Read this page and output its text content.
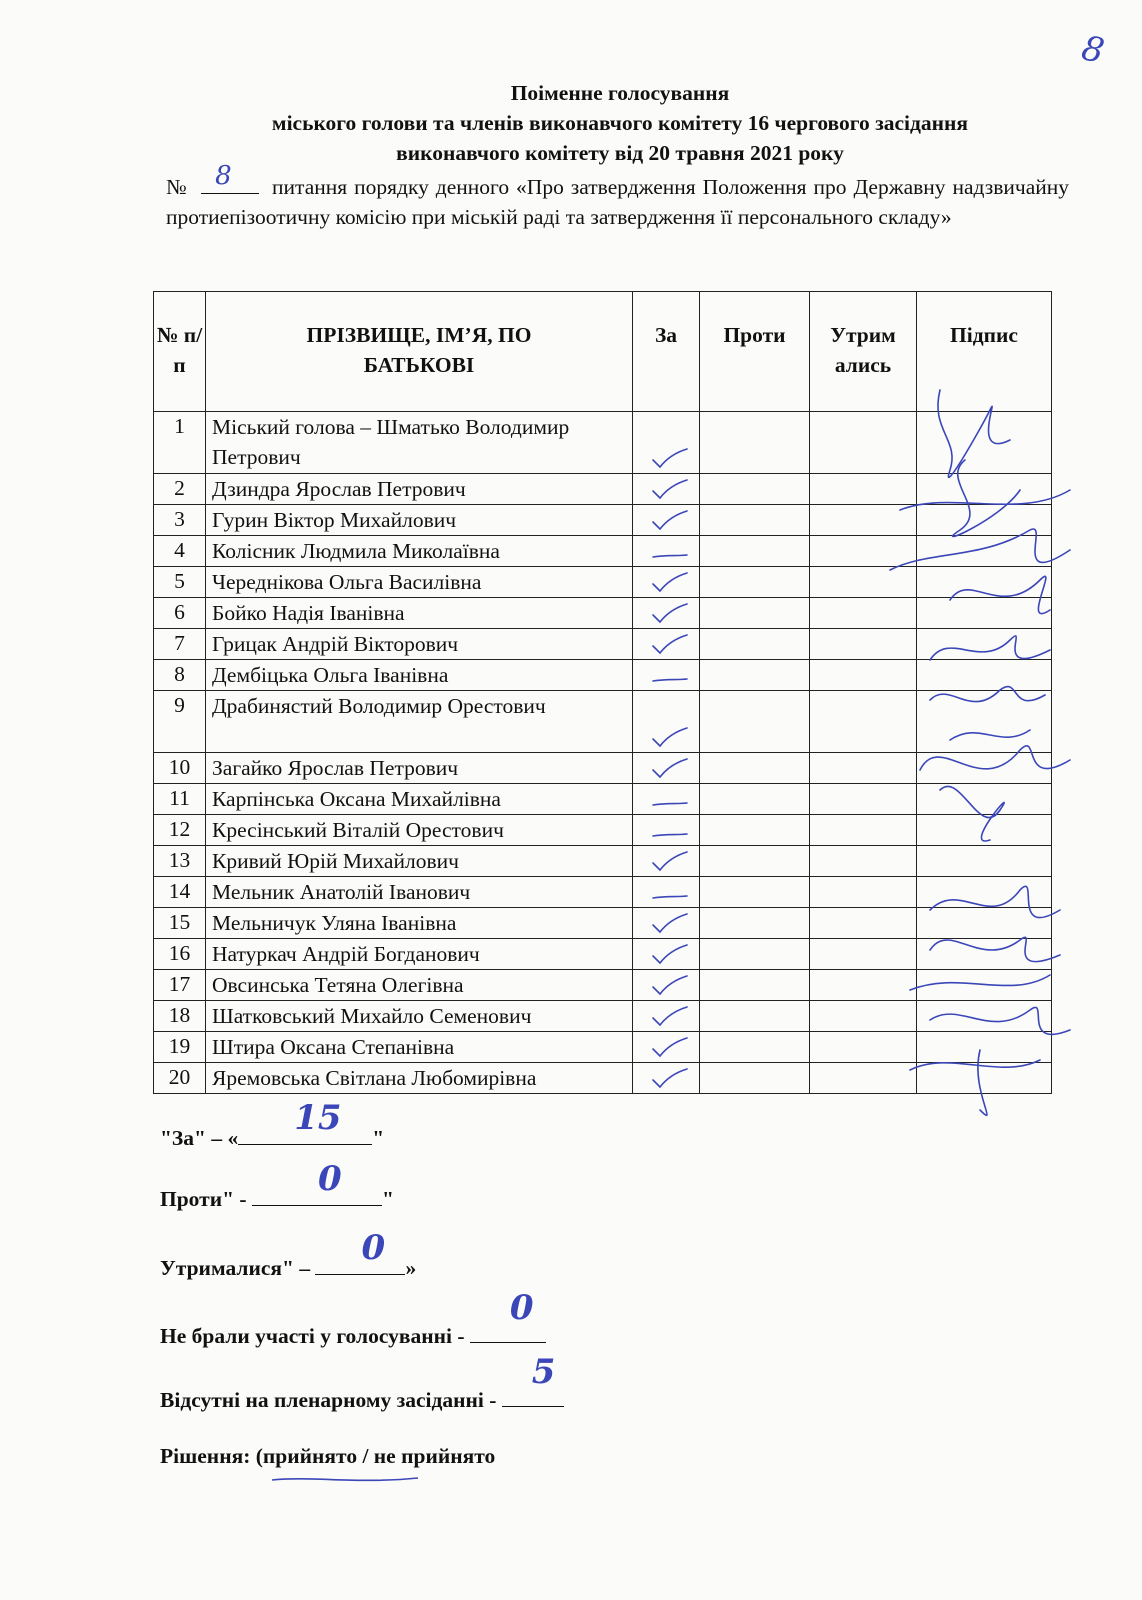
8
Поіменне голосування
міського голови та членів виконавчого комітету 16 чергового засідання
виконавчого комітету від 20 травня 2021 року
№ 8 питання порядку денного «Про затвердження Положення про Державну надзвичайну протиепізоотичну комісію при міській раді та затвердження її персонального складу»
№ п/п	ПРІЗВИЩЕ, ІМ’Я, ПО БАТЬКОВІ	За	Проти	Утрим ались	Підпис
1	Міський голова – Шматько Володимир Петрович	

2	Дзиндра Ярослав Петрович	

3	Гурин Віктор Михайлович	

4	Колісник Людмила Миколаївна	

5	Череднікова Ольга Василівна	

6	Бойко Надія Іванівна	

7	Грицак Андрій Вікторович	

8	Дембіцька Ольга Іванівна	

9	Драбинястий Володимир Орестович	

10	Загайко Ярослав Петрович	

11	Карпінська Оксана Михайлівна	

12	Кресінський Віталій Орестович	

13	Кривий Юрій Михайлович	

14	Мельник Анатолій Іванович	

15	Мельничук Уляна Іванівна	

16	Натуркач Андрій Богданович	

17	Овсинська Тетяна Олегівна	

18	Шатковський Михайло Семенович	

19	Штира Оксана Степанівна	

20	Яремовська Світлана Любомирівна	

"За" – « 15 "
Проти" - 0 "
Утрималися" – 0 »
Не брали участі у голосуванні -
0
Відсутні на пленарному засіданні -
5
Рішення: (прийнято / не прийнято
